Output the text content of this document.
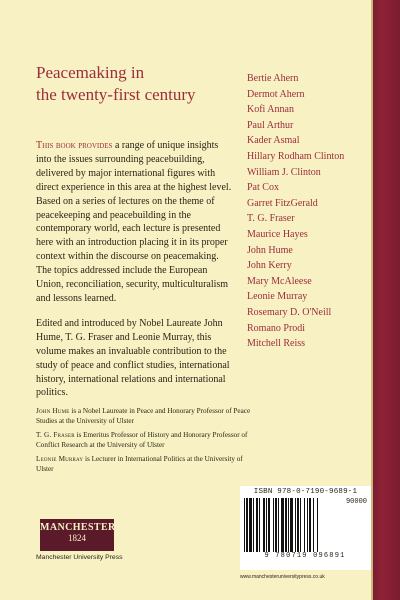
Peacemaking in
the twenty-first century

This book provides a range of unique insights into the issues surrounding peacebuilding, delivered by major international figures with direct experience in this area at the highest level. Based on a series of lectures on the theme of peacekeeping and peacebuilding in the contemporary world, each lecture is presented here with an introduction placing it in its proper context within the discourse on peacemaking. The topics addressed include the European Union, reconciliation, security, multiculturalism and lessons learned.

Edited and introduced by Nobel Laureate John Hume, T. G. Fraser and Leonie Murray, this volume makes an invaluable contribution to the study of peace and conflict studies, international history, international relations and international politics.

Bertie Ahern
Dermot Ahern
Kofi Annan
Paul Arthur
Kader Asmal
Hillary Rodham Clinton
William J. Clinton
Pat Cox
Garret FitzGerald
T. G. Fraser
Maurice Hayes
John Hume
John Kerry
Mary McAleese
Leonie Murray
Rosemary D. O'Neill
Romano Prodi
Mitchell Reiss
John Hume is a Nobel Laureate in Peace and Honorary Professor of Peace Studies at the University of Ulster
T. G. Fraser is Emeritus Professor of History and Honorary Professor of Conflict Research at the University of Ulster
Leonie Murray is Lecturer in International Politics at the University of Ulster
MANCHESTER
1824
Manchester University Press
ISBN 978-0-7190-9689-1
90000
9 780719 096891
www.manchesteruniversitypress.co.uk
